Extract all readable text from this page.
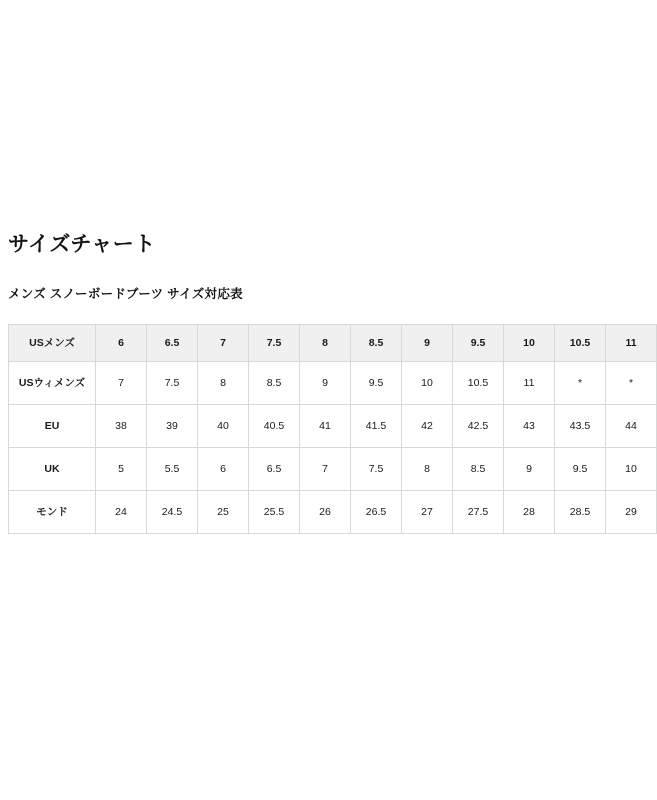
サイズチャート
メンズ スノーボードブーツ サイズ対応表
USメンズ	6	6.5	7	7.5	8	8.5	9	9.5	10	10.5	11
USウィメンズ	7	7.5	8	8.5	9	9.5	10	10.5	11	*	*
EU	38	39	40	40.5	41	41.5	42	42.5	43	43.5	44
UK	5	5.5	6	6.5	7	7.5	8	8.5	9	9.5	10
モンド	24	24.5	25	25.5	26	26.5	27	27.5	28	28.5	29
